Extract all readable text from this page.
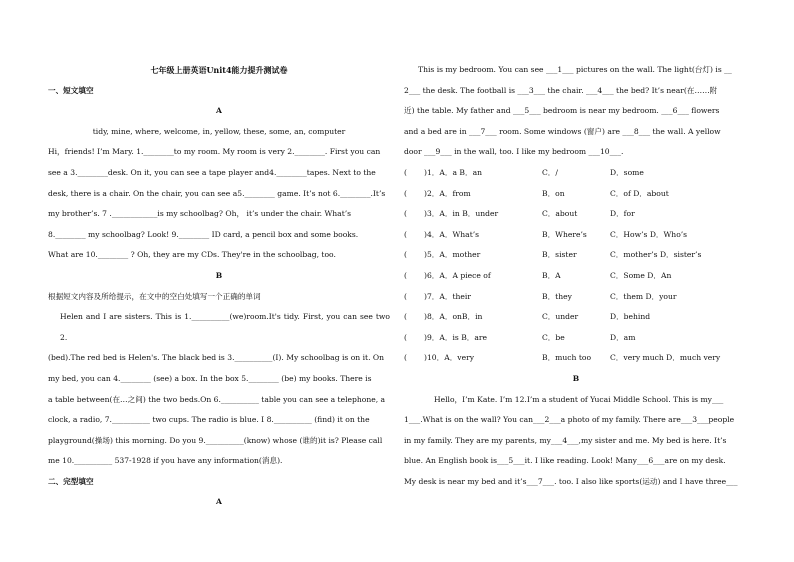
七年级上册英语Unit4能力提升测试卷
一、短文填空
A
tidy, mine, where, welcome, in, yellow, these, some, an, computer
Hi，friends! I’m Mary. 1.________to my room. My room is very 2.________. First you can
see a 3.________desk. On it, you can see a tape player and4.________tapes. Next to the
desk, there is a chair. On the chair, you can see a5.________ game. It’s not 6.________.It’s
my brother’s. 7 .____________is my schoolbag? Oh， it’s under the chair. What’s
8.________ my schoolbag? Look! 9.________ ID card, a pencil box and some books.
What are 10.________ ? Oh, they are my CDs. They're in the schoolbag, too.
B
根据短文内容及所给提示，在文中的空白处填写一个正确的单词
Helen and I are sisters. This is 1.__________(we)room.It's tidy. First, you can see two 2.
(bed).The red bed is Helen's. The black bed is 3.__________(I). My schoolbag is on it. On
my bed, you can 4.________ (see) a box. In the box 5.________ (be) my books. There is
a table between(在…之间) the two beds.On 6.__________ table you can see a telephone, a
clock, a radio, 7.__________ two cups. The radio is blue. I 8.__________ (find) it on the
playground(操场) this morning. Do you 9.__________(know) whose (谁的)it is? Please call
me 10.__________ 537-1928 if you have any information(消息).
二、完型填空
A
This is my bedroom. You can see ___1___ pictures on the wall. The light(台灯) is __
2___ the desk. The football is ___3___ the chair. ___4___ the bed? It’s near(在……附
近) the table. My father and ___5___ bedroom is near my bedroom. ___6___ flowers
and a bed are in ___7___ room. Some windows (窗户) are ___8___ the wall. A yellow
door ___9___ in the wall, too. I like my bedroom ___10___.
(	)1．A．a B．an	C．/	D．some
(	)2．A．from	B．on	C．of D．about
(	)3．A．in B．under	C．about	D．for
(	)4．A．What’s	B．Where’s	C．How’s D．Who’s
(	)5．A．mother	B．sister	C．mother’s D．sister’s
(	)6．A．A piece of	B．A	C．Some D．An
(	)7．A．their	B．they	C．them D．your
(	)8．A．onB．in	C．under	D．behind
(	)9．A．is B．are	C．be	D．am
(	)10．A．very	B．much too	C．very much D．much very
B
Hello，I’m Kate. I’m 12.I’m a student of Yucai Middle School. This is my___
1___.What is on the wall? You can___2___a photo of my family. There are___3___people
in my family. They are my parents, my___4___,my sister and me. My bed is here. It’s
blue. An English book is___5___it. I like reading. Look! Many___6___are on my desk.
My desk is near my bed and it’s___7___. too. I also like sports(运动) and I have three___
